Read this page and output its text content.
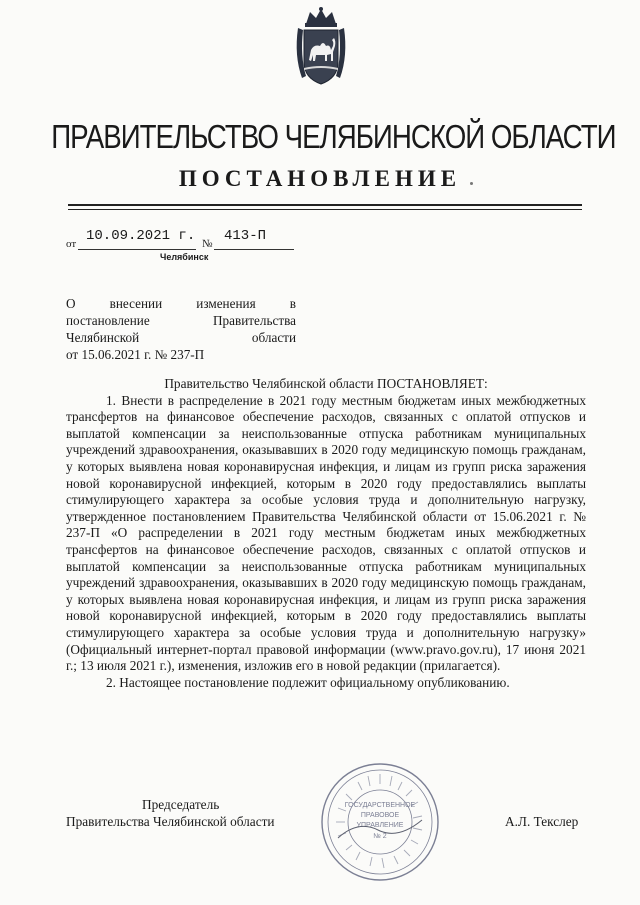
ПРАВИТЕЛЬСТВО ЧЕЛЯБИНСКОЙ ОБЛАСТИ
ПОСТАНОВЛЕНИЕ
от 10.09.2021 г. № 413-П
Челябинск
О внесении изменения в
постановление Правительства
Челябинской области
от 15.06.2021 г. № 237-П

Правительство Челябинской области ПОСТАНОВЛЯЕТ:

1. Внести в распределение в 2021 году местным бюджетам иных межбюджетных трансфертов на финансовое обеспечение расходов, связанных с оплатой отпусков и выплатой компенсации за неиспользованные отпуска работникам муниципальных учреждений здравоохранения, оказывавших в 2020 году медицинскую помощь гражданам, у которых выявлена новая коронавирусная инфекция, и лицам из групп риска заражения новой коронавирусной инфекцией, которым в 2020 году предоставлялись выплаты стимулирующего характера за особые условия труда и дополнительную нагрузку, утвержденное постановлением Правительства Челябинской области от 15.06.2021 г. № 237-П «О распределении в 2021 году местным бюджетам иных межбюджетных трансфертов на финансовое обеспечение расходов, связанных с оплатой отпусков и выплатой компенсации за неиспользованные отпуска работникам муниципальных учреждений здравоохранения, оказывавших в 2020 году медицинскую помощь гражданам, у которых выявлена новая коронавирусная инфекция, и лицам из групп риска заражения новой коронавирусной инфекцией, которым в 2020 году предоставлялись выплаты стимулирующего характера за особые условия труда и дополнительную нагрузку» (Официальный интернет-портал правовой информации (www.pravo.gov.ru), 17 июня 2021 г.; 13 июля 2021 г.), изменения, изложив его в новой редакции (прилагается).

2. Настоящее постановление подлежит официальному опубликованию.

ГОСУДАРСТВЕННОЕ
ПРАВОВОЕ
УПРАВЛЕНИЕ
№ 2
Председатель
Правительства Челябинской области	А.Л. Текслер
